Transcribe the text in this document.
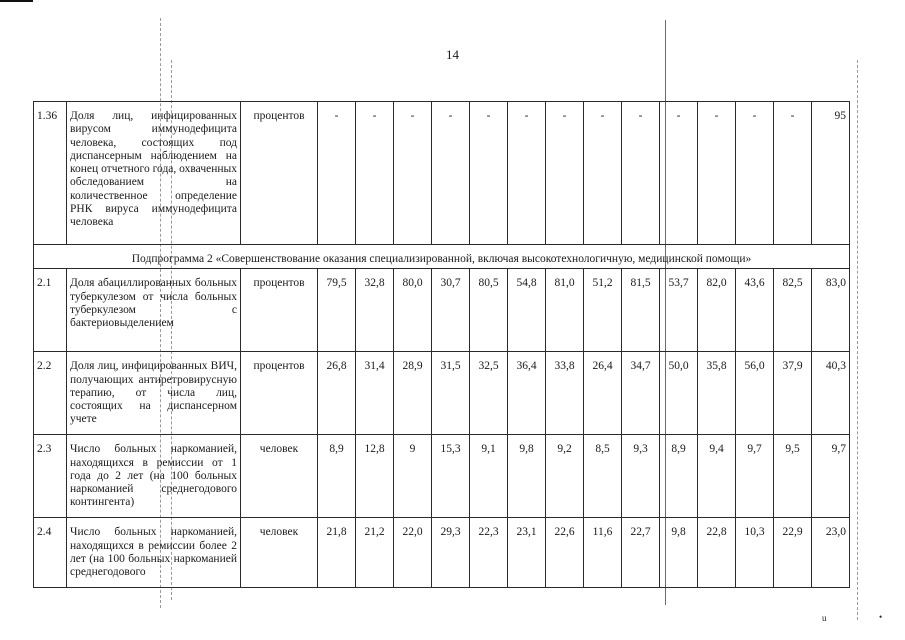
14
1.36	Доля лиц, инфицированных вирусом иммунодефицита человека, состоящих под диспансерным наблюдением на конец отчетного года, охваченных обследованием на количественное определение РНК вируса иммунодефицита человека	процентов	-	-	-	-	-	-	-	-	-	-	-	-	-	95
Подпрограмма 2 «Совершенствование оказания специализированной, включая высокотехнологичную, медицинской помощи»																
2.1	Доля абациллированных больных туберкулезом от числа больных туберкулезом с бактериовыделением	процентов	79,5	32,8	80,0	30,7	80,5	54,8	81,0	51,2	81,5	53,7	82,0	43,6	82,5	83,0
2.2	Доля лиц, инфицированных ВИЧ, получающих антиретровирусную терапию, от числа лиц, состоящих на диспансерном учете	процентов	26,8	31,4	28,9	31,5	32,5	36,4	33,8	26,4	34,7	50,0	35,8	56,0	37,9	40,3
2.3	Число больных наркоманией, находящихся в ремиссии от 1 года до 2 лет (на 100 больных наркоманией среднегодового контингента)	человек	8,9	12,8	9	15,3	9,1	9,8	9,2	8,5	9,3	8,9	9,4	9,7	9,5	9,7
2.4	Число больных наркоманией, находящихся в ремиссии более 2 лет (на 100 больных наркоманией среднегодового	человек	21,8	21,2	22,0	29,3	22,3	23,1	22,6	11,6	22,7	9,8	22,8	10,3	22,9	23,0
u	•
